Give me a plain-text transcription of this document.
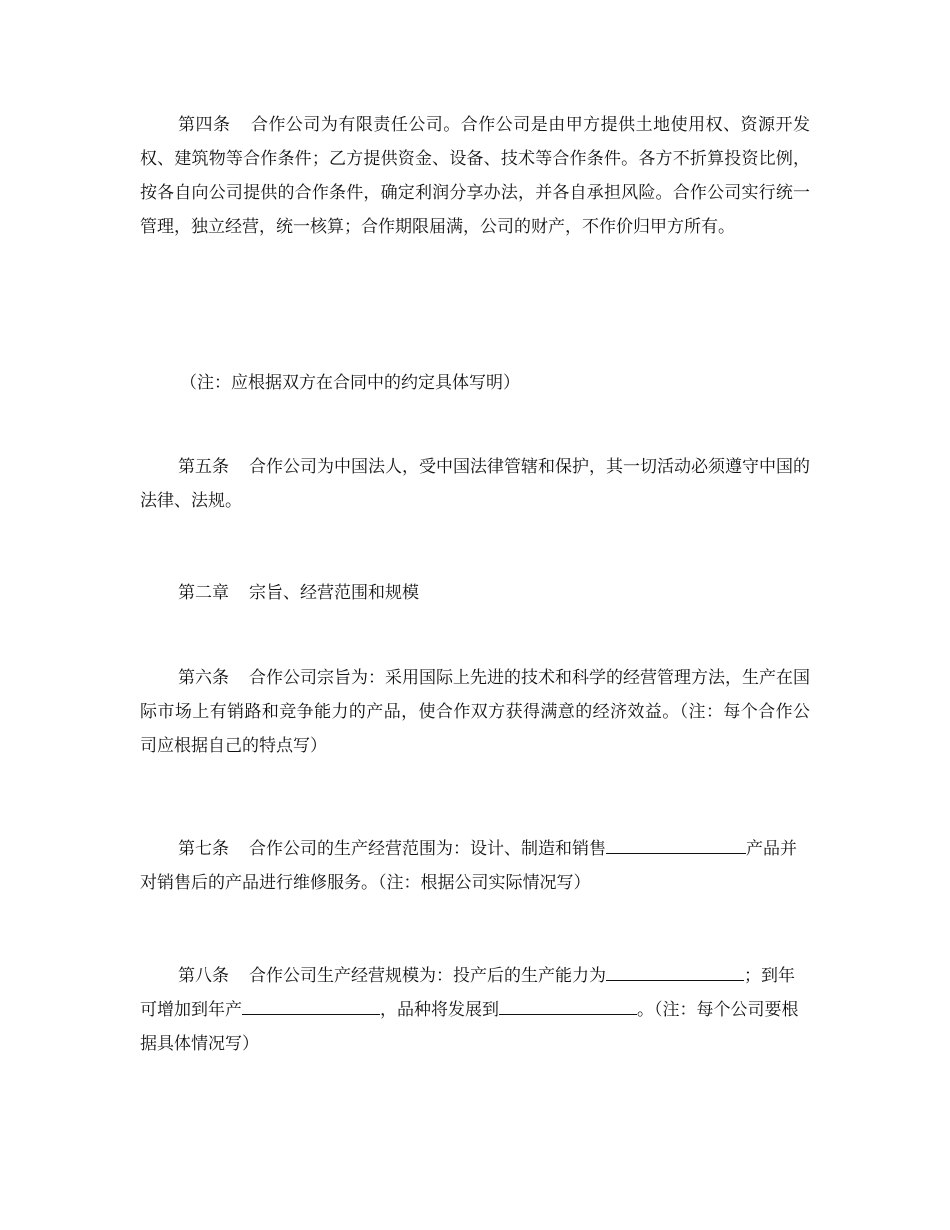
第四条 合作公司为有限责任公司。合作公司是由甲方提供土地使用权、资源开发权、建筑物等合作条件；乙方提供资金、设备、技术等合作条件。各方不折算投资比例，按各自向公司提供的合作条件，确定利润分享办法，并各自承担风险。合作公司实行统一管理，独立经营，统一核算；合作期限届满，公司的财产，不作价归甲方所有。

（注：应根据双方在合同中的约定具体写明）

第五条 合作公司为中国法人，受中国法律管辖和保护，其一切活动必须遵守中国的法律、法规。

第二章 宗旨、经营范围和规模

第六条 合作公司宗旨为：采用国际上先进的技术和科学的经营管理方法，生产在国际市场上有销路和竞争能力的产品，使合作双方获得满意的经济效益。（注：每个合作公司应根据自己的特点写）

第七条 合作公司的生产经营范围为：设计、制造和销售	产品并对销售后的产品进行维修服务。（注：根据公司实际情况写）

第八条 合作公司生产经营规模为：投产后的生产能力为	；到年可增加到年产	，品种将发展到	。（注：每个公司要根据具体情况写）
